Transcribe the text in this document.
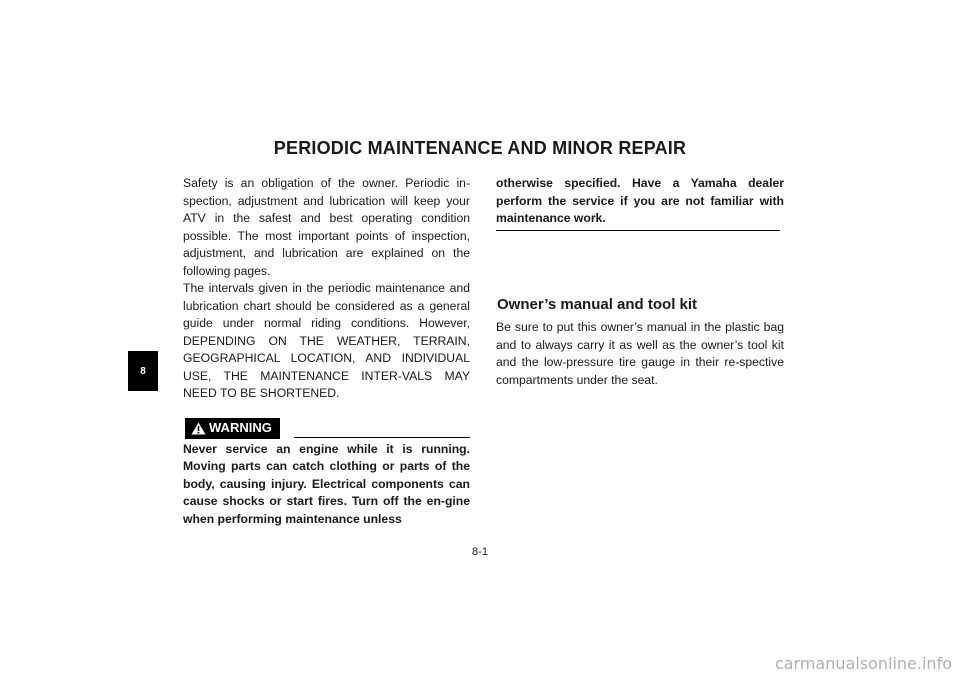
PERIODIC MAINTENANCE AND MINOR REPAIR
8

Safety is an obligation of the owner. Periodic in-spection, adjustment and lubrication will keep your ATV in the safest and best operating condition possible. The most important points of inspection, adjustment, and lubrication are explained on the following pages.

The intervals given in the periodic maintenance and lubrication chart should be considered as a general guide under normal riding conditions. However, DEPENDING ON THE WEATHER, TERRAIN, GEOGRAPHICAL LOCATION, AND INDIVIDUAL USE, THE MAINTENANCE INTER-VALS MAY NEED TO BE SHORTENED.

WARNING

Never service an engine while it is running. Moving parts can catch clothing or parts of the body, causing injury. Electrical components can cause shocks or start fires. Turn off the en-gine when performing maintenance unless

otherwise specified. Have a Yamaha dealer perform the service if you are not familiar with maintenance work.

Owner’s manual and tool kit

Be sure to put this owner’s manual in the plastic bag and to always carry it as well as the owner’s tool kit and the low-pressure tire gauge in their re-spective compartments under the seat.

8-1
carmanualsonline.info
